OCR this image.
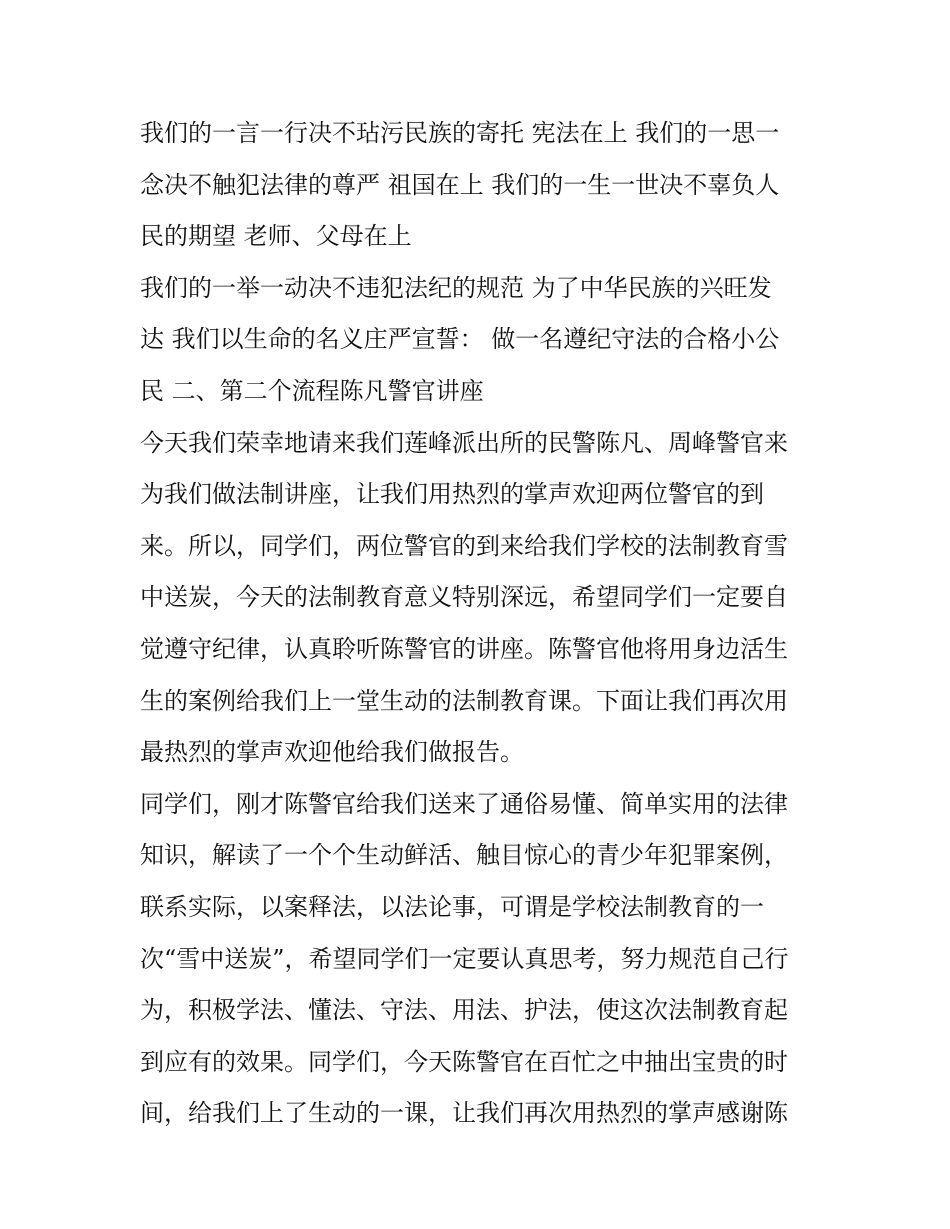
我们的一言一行决不玷污民族的寄托 宪法在上 我们的一思一
念决不触犯法律的尊严 祖国在上 我们的一生一世决不辜负人
民的期望 老师、父母在上
我们的一举一动决不违犯法纪的规范 为了中华民族的兴旺发
达 我们以生命的名义庄严宣誓： 做一名遵纪守法的合格小公
民 二、第二个流程陈凡警官讲座
今天我们荣幸地请来我们莲峰派出所的民警陈凡、周峰警官来
为我们做法制讲座，让我们用热烈的掌声欢迎两位警官的到
来。所以，同学们，两位警官的到来给我们学校的法制教育雪
中送炭，今天的法制教育意义特别深远，希望同学们一定要自
觉遵守纪律，认真聆听陈警官的讲座。陈警官他将用身边活生
生的案例给我们上一堂生动的法制教育课。下面让我们再次用
最热烈的掌声欢迎他给我们做报告。
同学们，刚才陈警官给我们送来了通俗易懂、简单实用的法律
知识，解读了一个个生动鲜活、触目惊心的青少年犯罪案例，
联系实际，以案释法，以法论事，可谓是学校法制教育的一
次“雪中送炭”，希望同学们一定要认真思考，努力规范自己行
为，积极学法、懂法、守法、用法、护法，使这次法制教育起
到应有的效果。同学们，今天陈警官在百忙之中抽出宝贵的时
间，给我们上了生动的一课，让我们再次用热烈的掌声感谢陈
